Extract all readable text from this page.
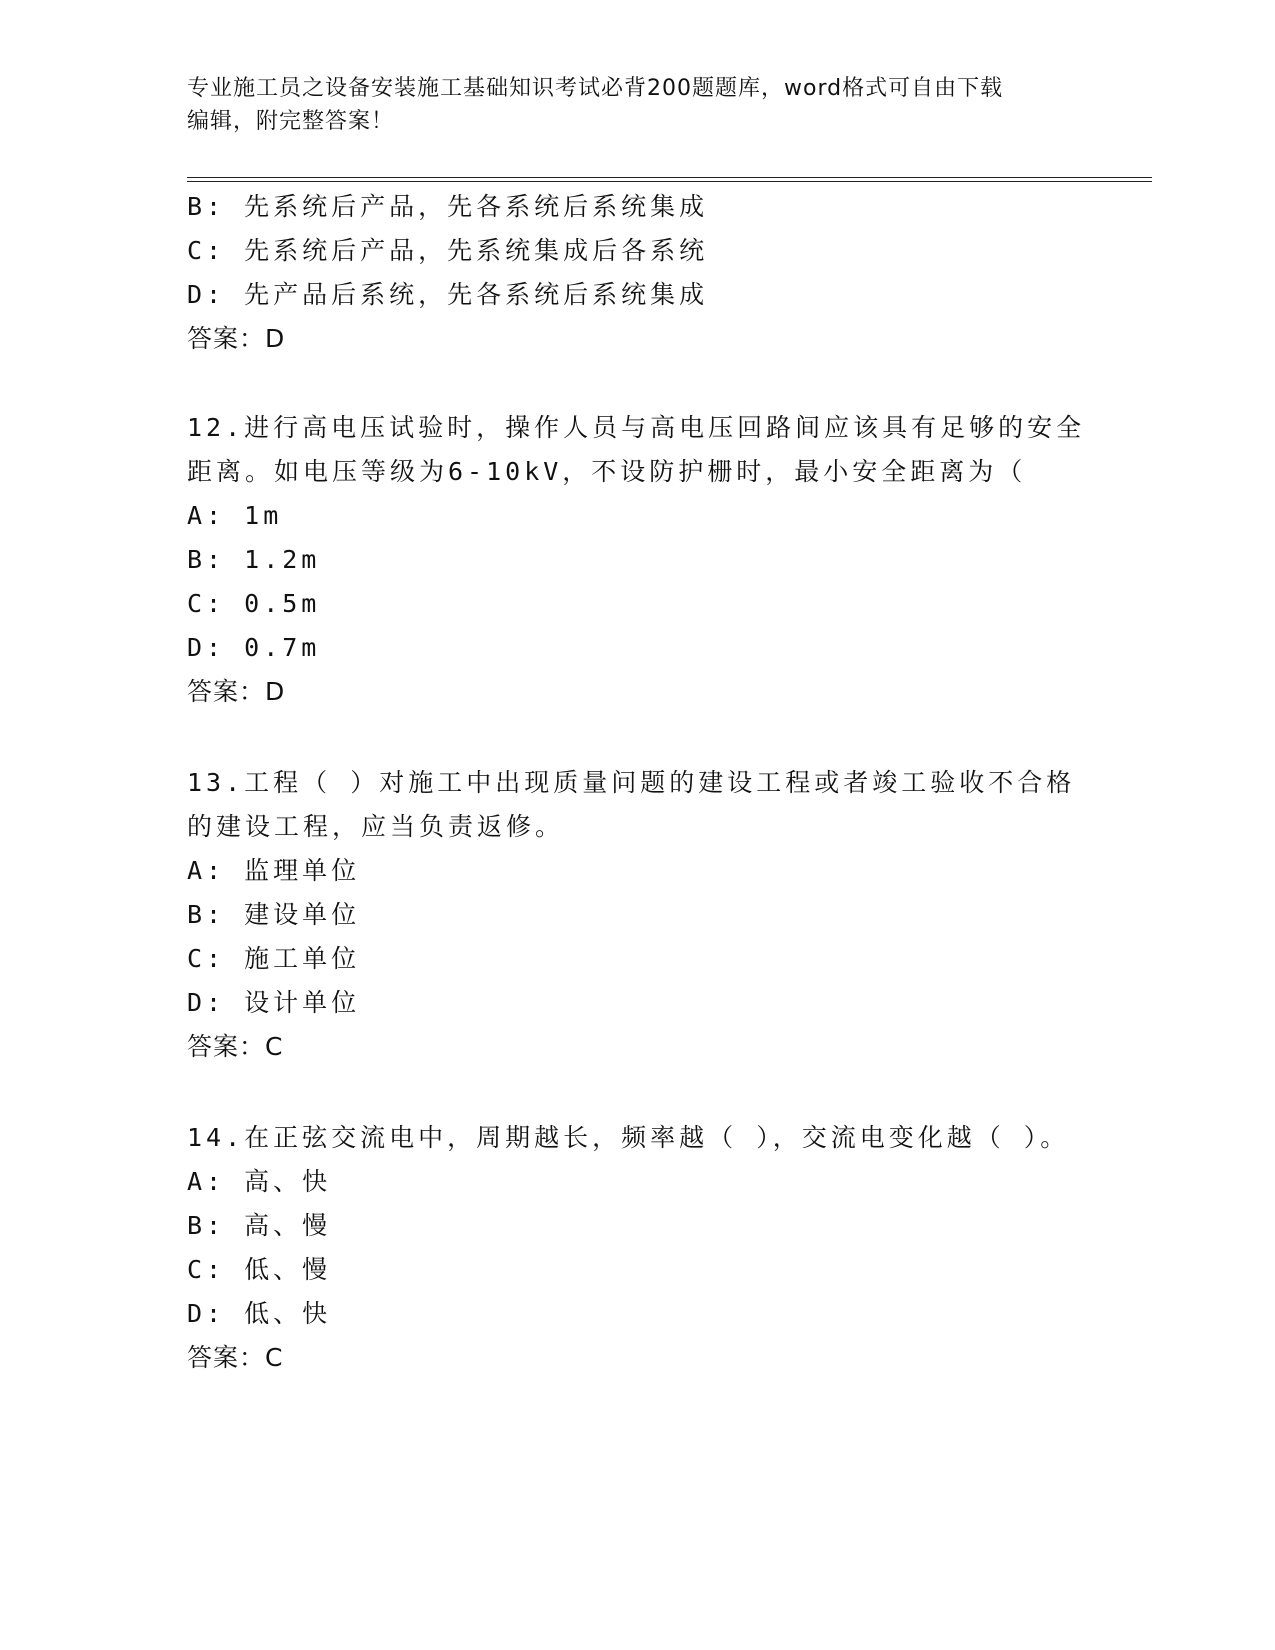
专业施工员之设备安装施工基础知识考试必背200题题库，word格式可自由下载
编辑，附完整答案！
B: 先系统后产品，先各系统后系统集成
C: 先系统后产品，先系统集成后各系统
D: 先产品后系统，先各系统后系统集成
答案：D
12.进行高电压试验时，操作人员与高电压回路间应该具有足够的安全
距离。如电压等级为6-10kV，不设防护栅时，最小安全距离为（
A: 1m
B: 1.2m
C: 0.5m
D: 0.7m
答案：D
13.工程（ ）对施工中出现质量问题的建设工程或者竣工验收不合格
的建设工程，应当负责返修。
A: 监理单位
B: 建设单位
C: 施工单位
D: 设计单位
答案：C
14.在正弦交流电中，周期越长，频率越（ ），交流电变化越（ ）。
A: 高、快
B: 高、慢
C: 低、慢
D: 低、快
答案：C
